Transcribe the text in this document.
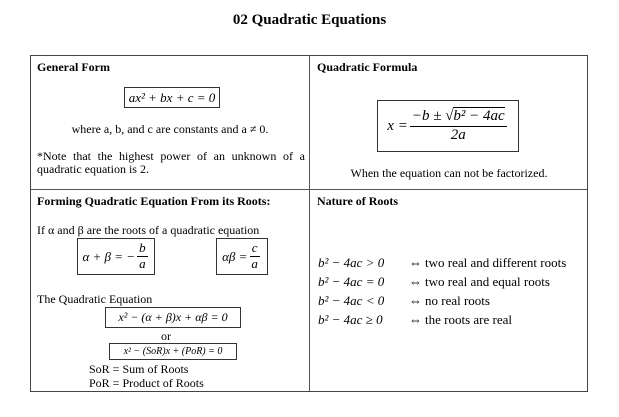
02 Quadratic Equations
General Form
ax² + bx + c = 0
where a, b, and c are constants and a ≠ 0.
*Note that the highest power of an unknown of a quadratic equation is 2.
Quadratic Formula
$x = \frac{\text{−b ± √b² − 4ac}}{2a}$
When the equation can not be factorized.
Forming Quadratic Equation From its Roots:
If α and β are the roots of a quadratic equation
α + β = − $\frac{b}{a}$	$\alpha\beta = \frac{c}{a}$
The Quadratic Equation
x² − (α + β)x + αβ = 0
or
x² − (SoR)x + (PoR) = 0
SoR = Sum of Roots
PoR = Product of Roots
Nature of Roots
b² − 4ac > 0	⇔ two real and different roots
b² − 4ac = 0	⇔ two real and equal roots
b² − 4ac < 0	⇔ no real roots
b² − 4ac ≥ 0	⇔ the roots are real
